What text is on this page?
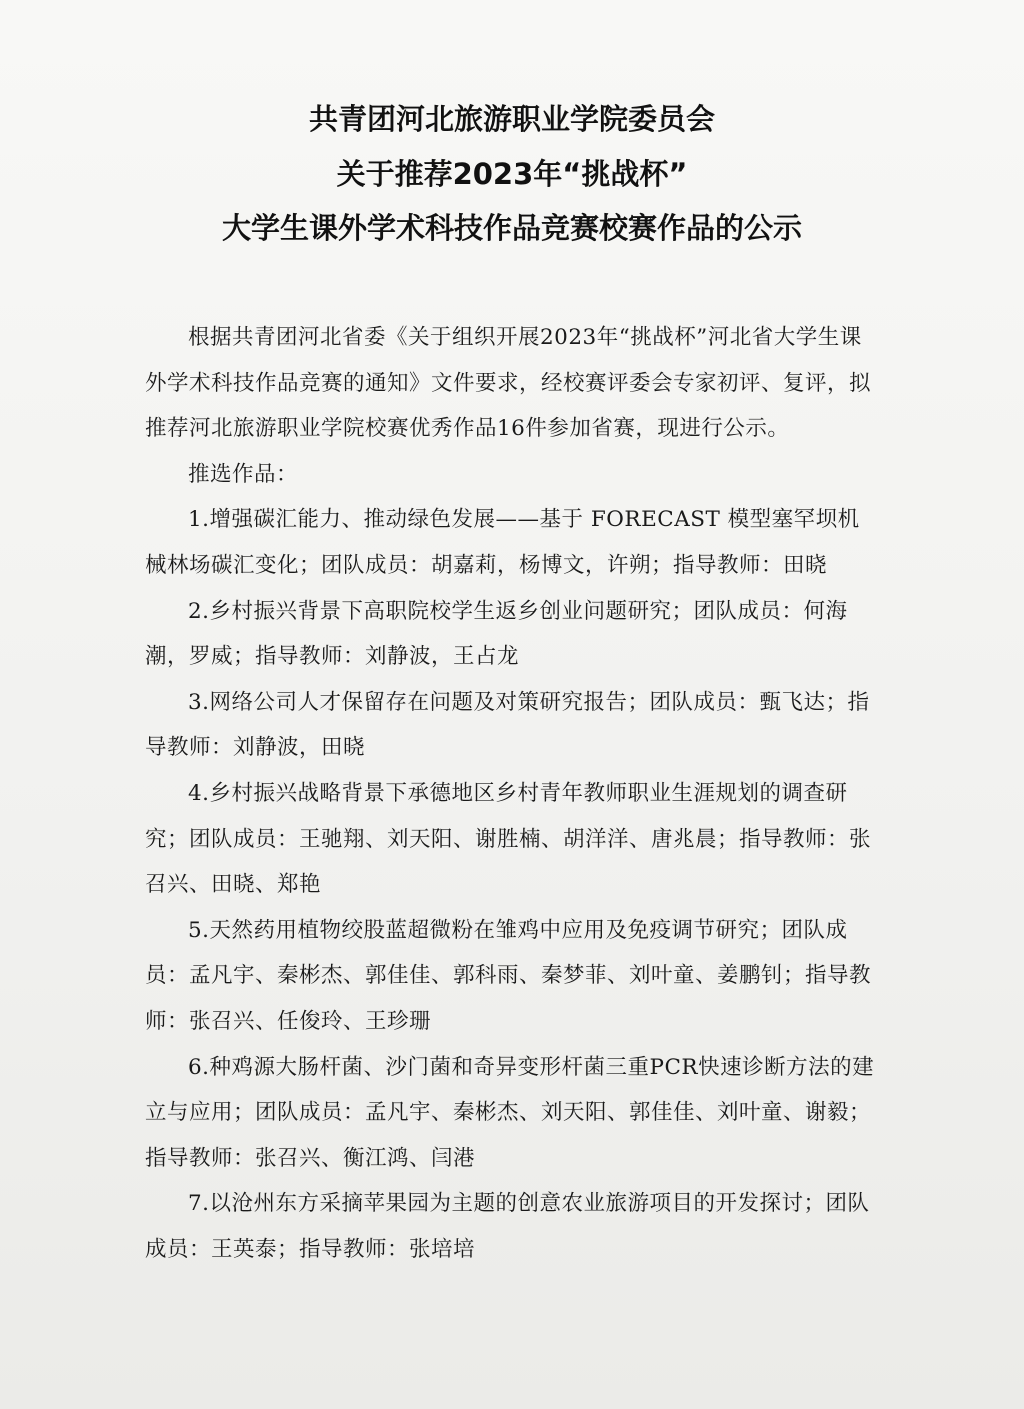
共青团河北旅游职业学院委员会
关于推荐2023年“挑战杯”
大学生课外学术科技作品竞赛校赛作品的公示

根据共青团河北省委《关于组织开展2023年“挑战杯”河北省大学生课外学术科技作品竞赛的通知》文件要求，经校赛评委会专家初评、复评，拟推荐河北旅游职业学院校赛优秀作品16件参加省赛，现进行公示。

推选作品：

1.增强碳汇能力、推动绿色发展——基于 FORECAST 模型塞罕坝机械林场碳汇变化；团队成员：胡嘉莉，杨博文，许朔；指导教师：田晓

2.乡村振兴背景下高职院校学生返乡创业问题研究；团队成员：何海潮，罗威；指导教师：刘静波，王占龙

3.网络公司人才保留存在问题及对策研究报告；团队成员：甄飞达；指导教师：刘静波，田晓

4.乡村振兴战略背景下承德地区乡村青年教师职业生涯规划的调查研究；团队成员：王驰翔、刘天阳、谢胜楠、胡洋洋、唐兆晨；指导教师：张召兴、田晓、郑艳

5.天然药用植物绞股蓝超微粉在雏鸡中应用及免疫调节研究；团队成员：孟凡宇、秦彬杰、郭佳佳、郭科雨、秦梦菲、刘叶童、姜鹏钊；指导教师：张召兴、任俊玲、王珍珊

6.种鸡源大肠杆菌、沙门菌和奇异变形杆菌三重PCR快速诊断方法的建立与应用；团队成员：孟凡宇、秦彬杰、刘天阳、郭佳佳、刘叶童、谢毅；指导教师：张召兴、衡江鸿、闫港

7.以沧州东方采摘苹果园为主题的创意农业旅游项目的开发探讨；团队成员：王英泰；指导教师：张培培
